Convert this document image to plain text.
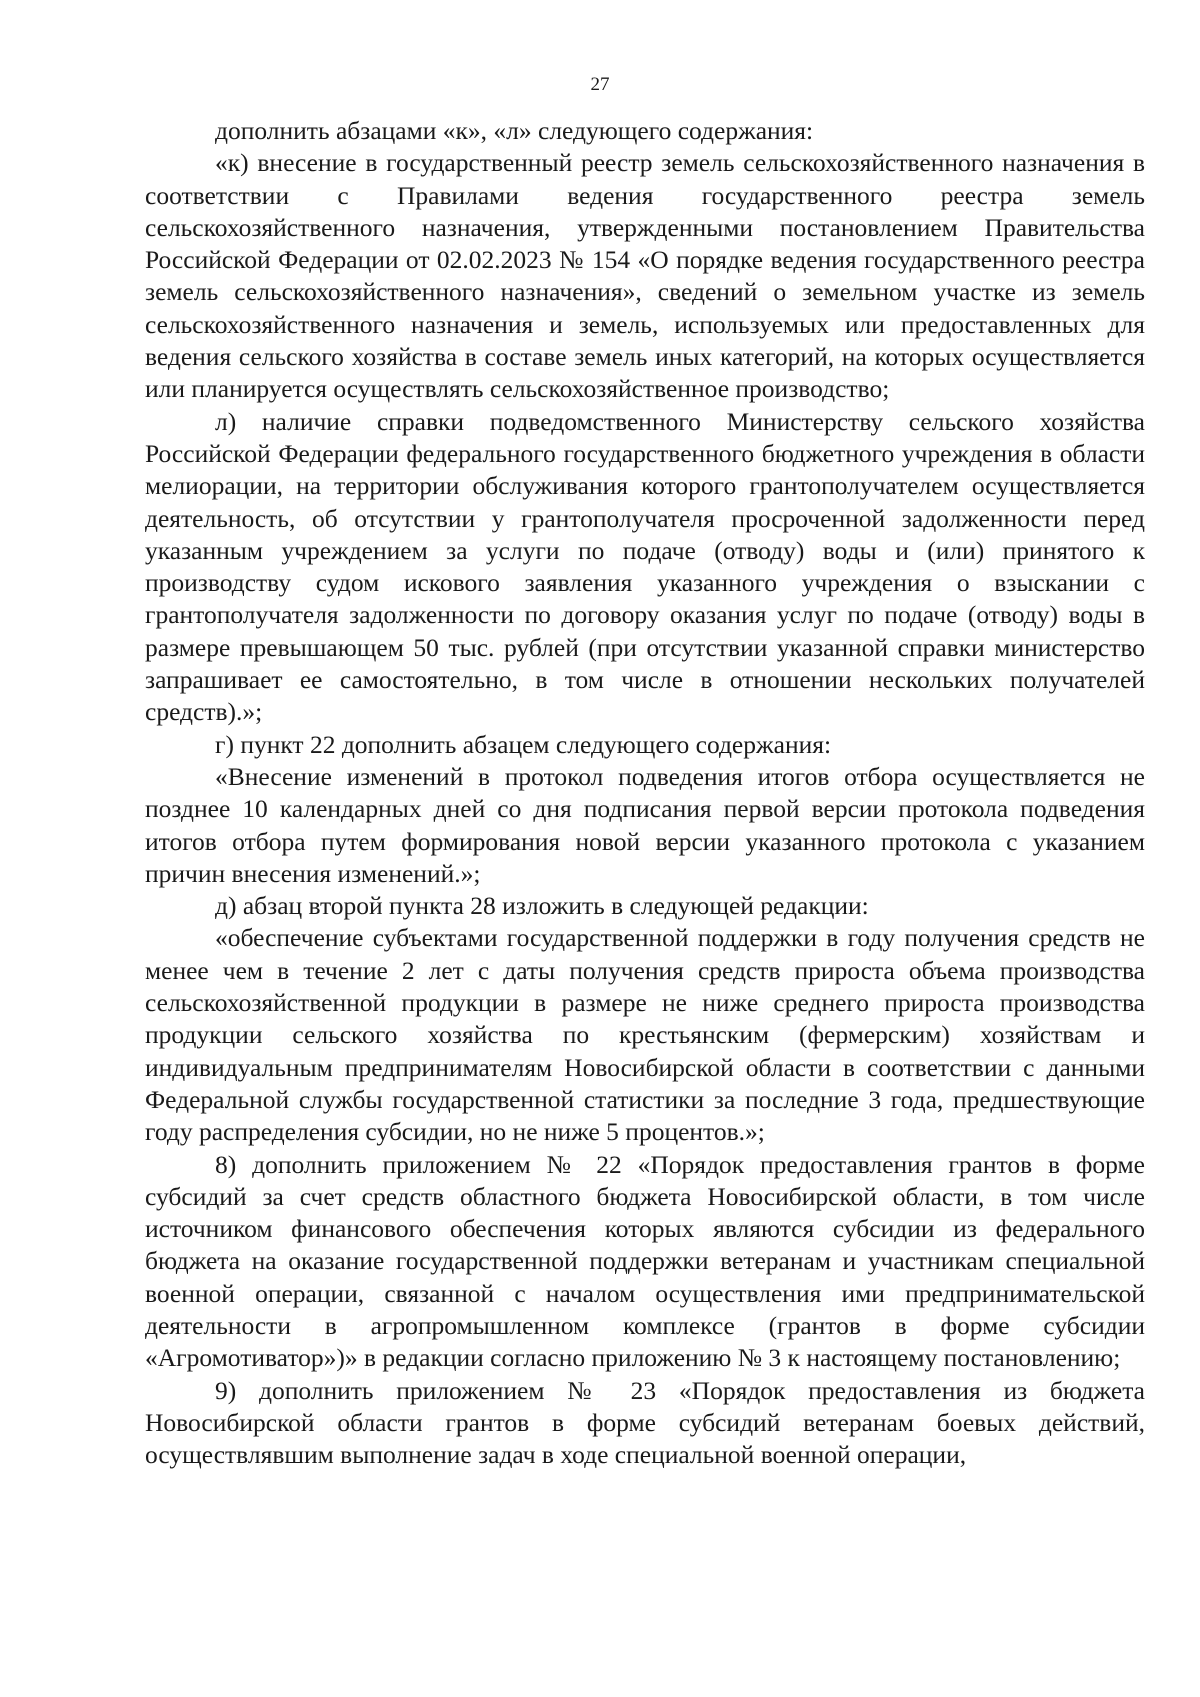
27

дополнить абзацами «к», «л» следующего содержания:

«к) внесение в государственный реестр земель сельскохозяйственного назначения в соответствии с Правилами ведения государственного реестра земель сельскохозяйственного назначения, утвержденными постановлением Правительства Российской Федерации от 02.02.2023 № 154 «О порядке ведения государственного реестра земель сельскохозяйственного назначения», сведений о земельном участке из земель сельскохозяйственного назначения и земель, используемых или предоставленных для ведения сельского хозяйства в составе земель иных категорий, на которых осуществляется или планируется осуществлять сельскохозяйственное производство;

л) наличие справки подведомственного Министерству сельского хозяйства Российской Федерации федерального государственного бюджетного учреждения в области мелиорации, на территории обслуживания которого грантополучателем осуществляется деятельность, об отсутствии у грантополучателя просроченной задолженности перед указанным учреждением за услуги по подаче (отводу) воды и (или) принятого к производству судом искового заявления указанного учреждения о взыскании с грантополучателя задолженности по договору оказания услуг по подаче (отводу) воды в размере превышающем 50 тыс. рублей (при отсутствии указанной справки министерство запрашивает ее самостоятельно, в том числе в отношении нескольких получателей средств).»;

г) пункт 22 дополнить абзацем следующего содержания:

«Внесение изменений в протокол подведения итогов отбора осуществляется не позднее 10 календарных дней со дня подписания первой версии протокола подведения итогов отбора путем формирования новой версии указанного протокола с указанием причин внесения изменений.»;

д) абзац второй пункта 28 изложить в следующей редакции:

«обеспечение субъектами государственной поддержки в году получения средств не менее чем в течение 2 лет с даты получения средств прироста объема производства сельскохозяйственной продукции в размере не ниже среднего прироста производства продукции сельского хозяйства по крестьянским (фермерским) хозяйствам и индивидуальным предпринимателям Новосибирской области в соответствии с данными Федеральной службы государственной статистики за последние 3 года, предшествующие году распределения субсидии, но не ниже 5 процентов.»;

8) дополнить приложением № 22 «Порядок предоставления грантов в форме субсидий за счет средств областного бюджета Новосибирской области, в том числе источником финансового обеспечения которых являются субсидии из федерального бюджета на оказание государственной поддержки ветеранам и участникам специальной военной операции, связанной с началом осуществления ими предпринимательской деятельности в агропромышленном комплексе (грантов в форме субсидии «Агромотиватор»)» в редакции согласно приложению № 3 к настоящему постановлению;

9) дополнить приложением № 23 «Порядок предоставления из бюджета Новосибирской области грантов в форме субсидий ветеранам боевых действий, осуществлявшим выполнение задач в ходе специальной военной операции,
